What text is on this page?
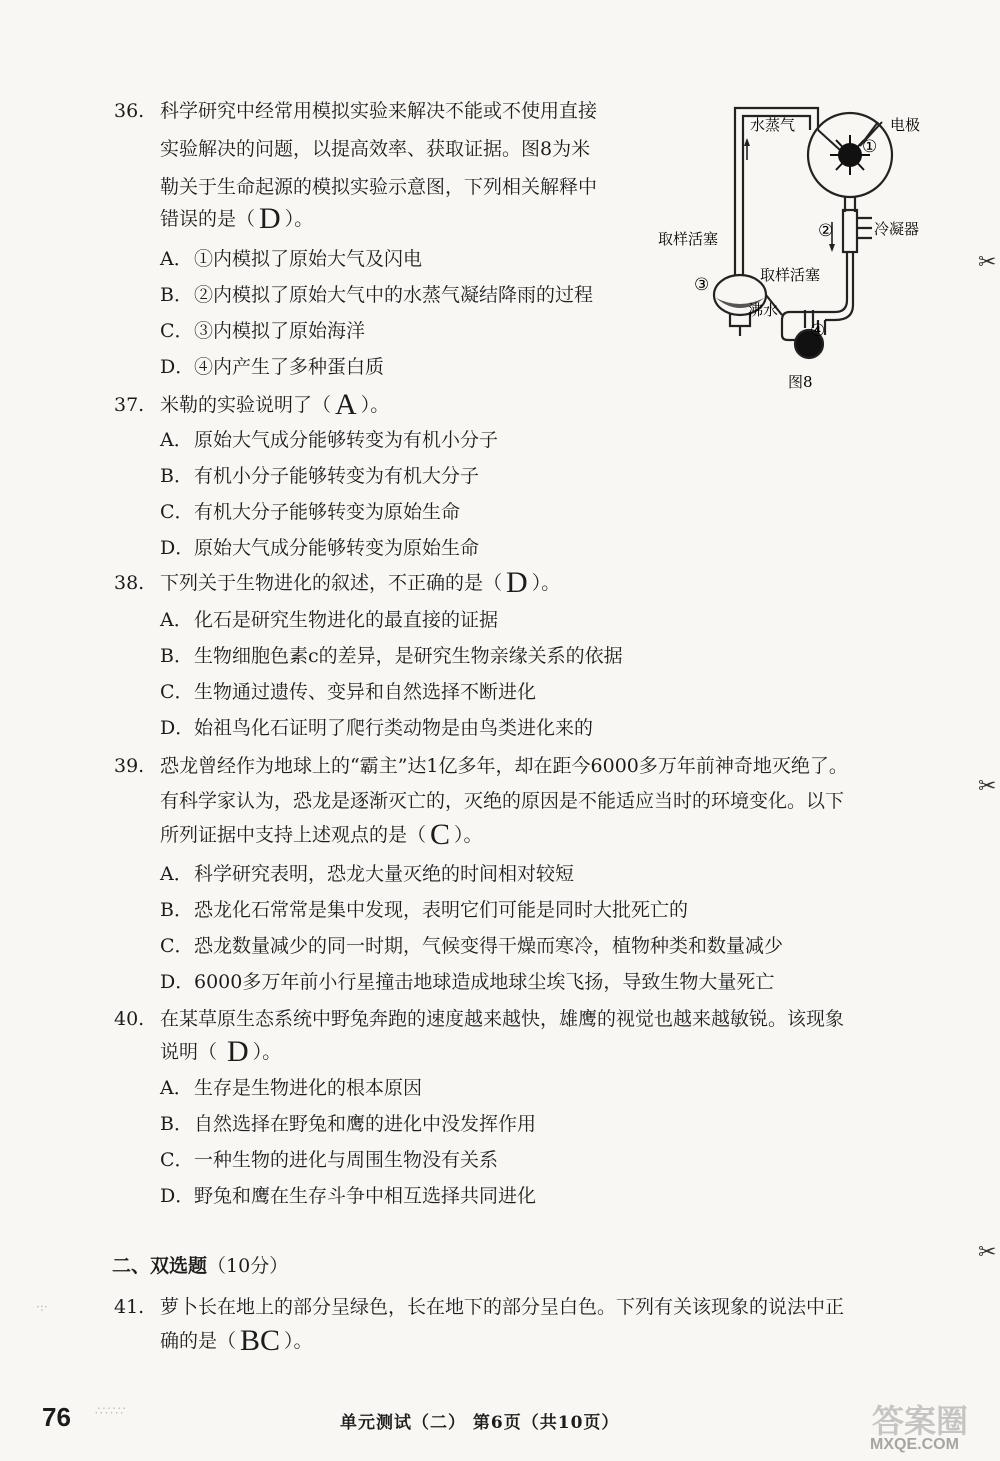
36. 科学研究中经常用模拟实验来解决不能或不使用直接
实验解决的问题，以提高效率、获取证据。图8为米
勒关于生命起源的模拟实验示意图，下列相关解释中
错误的是（ D ）。
A．①内模拟了原始大气及闪电
B．②内模拟了原始大气中的水蒸气凝结降雨的过程
C．③内模拟了原始海洋
D．④内产生了多种蛋白质
水蒸气
①
电极
②	冷凝器
取样活塞
取样活塞
③
沸水
④
图8
37. 米勒的实验说明了（ A ）。
A．原始大气成分能够转变为有机小分子
B．有机小分子能够转变为有机大分子
C．有机大分子能够转变为原始生命
D．原始大气成分能够转变为原始生命
38. 下列关于生物进化的叙述，不正确的是（ D ）。
A．化石是研究生物进化的最直接的证据
B．生物细胞色素c的差异，是研究生物亲缘关系的依据
C．生物通过遗传、变异和自然选择不断进化
D．始祖鸟化石证明了爬行类动物是由鸟类进化来的
39. 恐龙曾经作为地球上的“霸主”达1亿多年，却在距今6000多万年前神奇地灭绝了。
有科学家认为，恐龙是逐渐灭亡的，灭绝的原因是不能适应当时的环境变化。以下
所列证据中支持上述观点的是（ C ）。
A．科学研究表明，恐龙大量灭绝的时间相对较短
B．恐龙化石常常是集中发现，表明它们可能是同时大批死亡的
C．恐龙数量减少的同一时期，气候变得干燥而寒冷，植物种类和数量减少
D．6000多万年前小行星撞击地球造成地球尘埃飞扬，导致生物大量死亡
40. 在某草原生态系统中野兔奔跑的速度越来越快，雄鹰的视觉也越来越敏锐。该现象
说明（ D ）。
A．生存是生物进化的根本原因
B．自然选择在野兔和鹰的进化中没发挥作用
C．一种生物的进化与周围生物没有关系
D．野兔和鹰在生存斗争中相互选择共同进化
二、双选题（10分）
41. 萝卜长在地上的部分呈绿色，长在地下的部分呈白色。下列有关该现象的说法中正
确的是（ BC ）。
✂
✂
✂
·:·
∴∵∴∵
76	单元测试（二） 第6页（共10页）	答案圈
MXQE.COM
